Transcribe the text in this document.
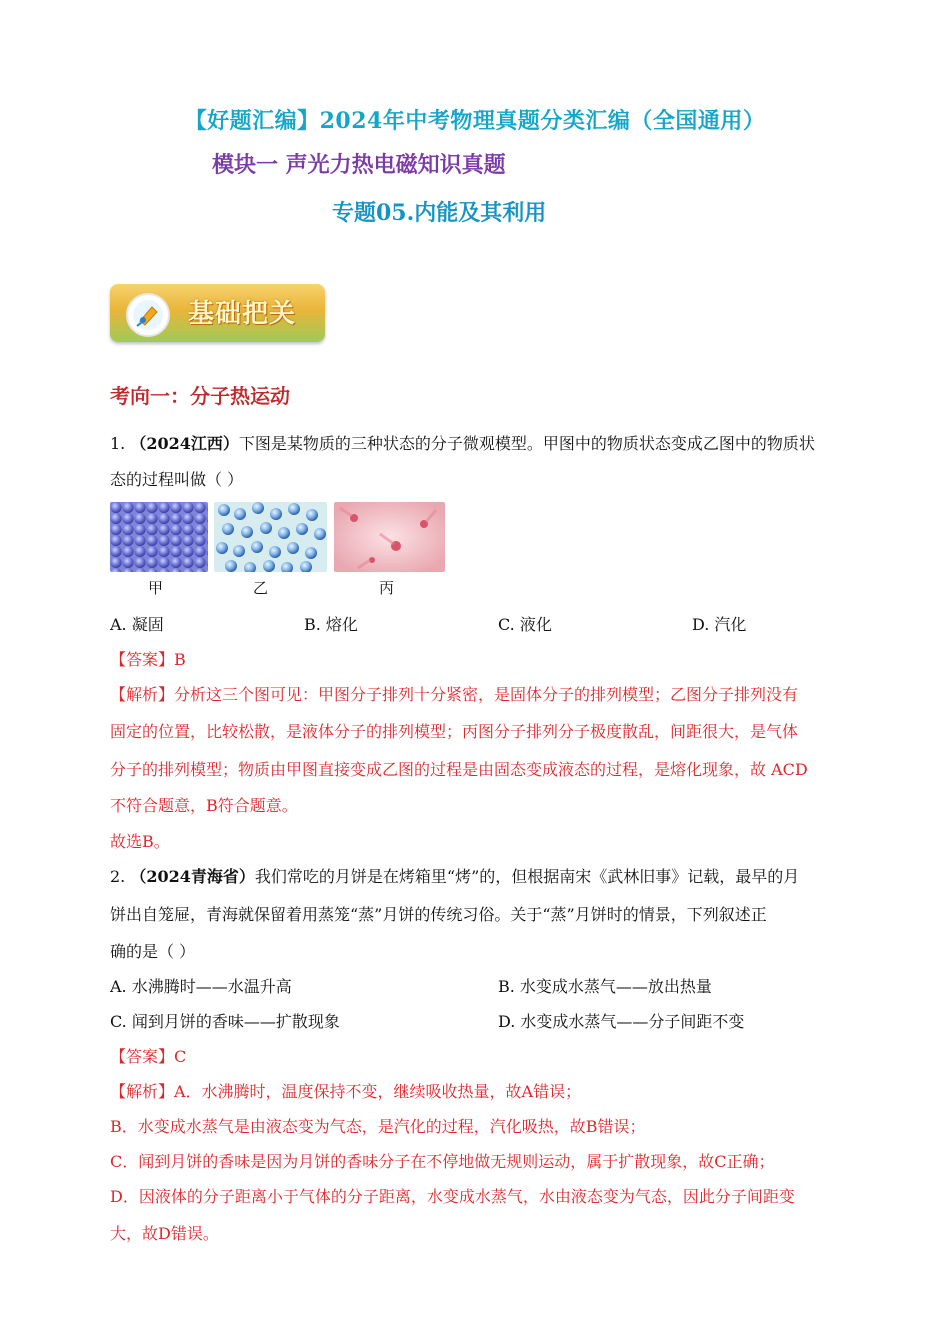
【好题汇编】2024年中考物理真题分类汇编（全国通用）
模块一 声光力热电磁知识真题
专题05.内能及其利用
基础把关
考向一：分子热运动
1. （2024江西）下图是某物质的三种状态的分子微观模型。甲图中的物质状态变成乙图中的物质状
态的过程叫做（ ）
甲	乙	丙
A. 凝固	B. 熔化	C. 液化	D. 汽化
【答案】B
【解析】分析这三个图可见：甲图分子排列十分紧密，是固体分子的排列模型；乙图分子排列没有
固定的位置，比较松散，是液体分子的排列模型；丙图分子排列分子极度散乱，间距很大，是气体
分子的排列模型；物质由甲图直接变成乙图的过程是由固态变成液态的过程，是熔化现象，故 ACD
不符合题意，B符合题意。
故选B。
2. （2024青海省）我们常吃的月饼是在烤箱里“烤”的，但根据南宋《武林旧事》记载，最早的月
饼出自笼屉，青海就保留着用蒸笼“蒸”月饼的传统习俗。关于“蒸”月饼时的情景，下列叙述正
确的是（ ）
A. 水沸腾时——水温升高	B. 水变成水蒸气——放出热量
C. 闻到月饼的香味——扩散现象	D. 水变成水蒸气——分子间距不变
【答案】C
【解析】A．水沸腾时，温度保持不变，继续吸收热量，故A错误；
B．水变成水蒸气是由液态变为气态，是汽化的过程，汽化吸热，故B错误；
C．闻到月饼的香味是因为月饼的香味分子在不停地做无规则运动，属于扩散现象，故C正确；
D．因液体的分子距离小于气体的分子距离，水变成水蒸气，水由液态变为气态，因此分子间距变
大，故D错误。
